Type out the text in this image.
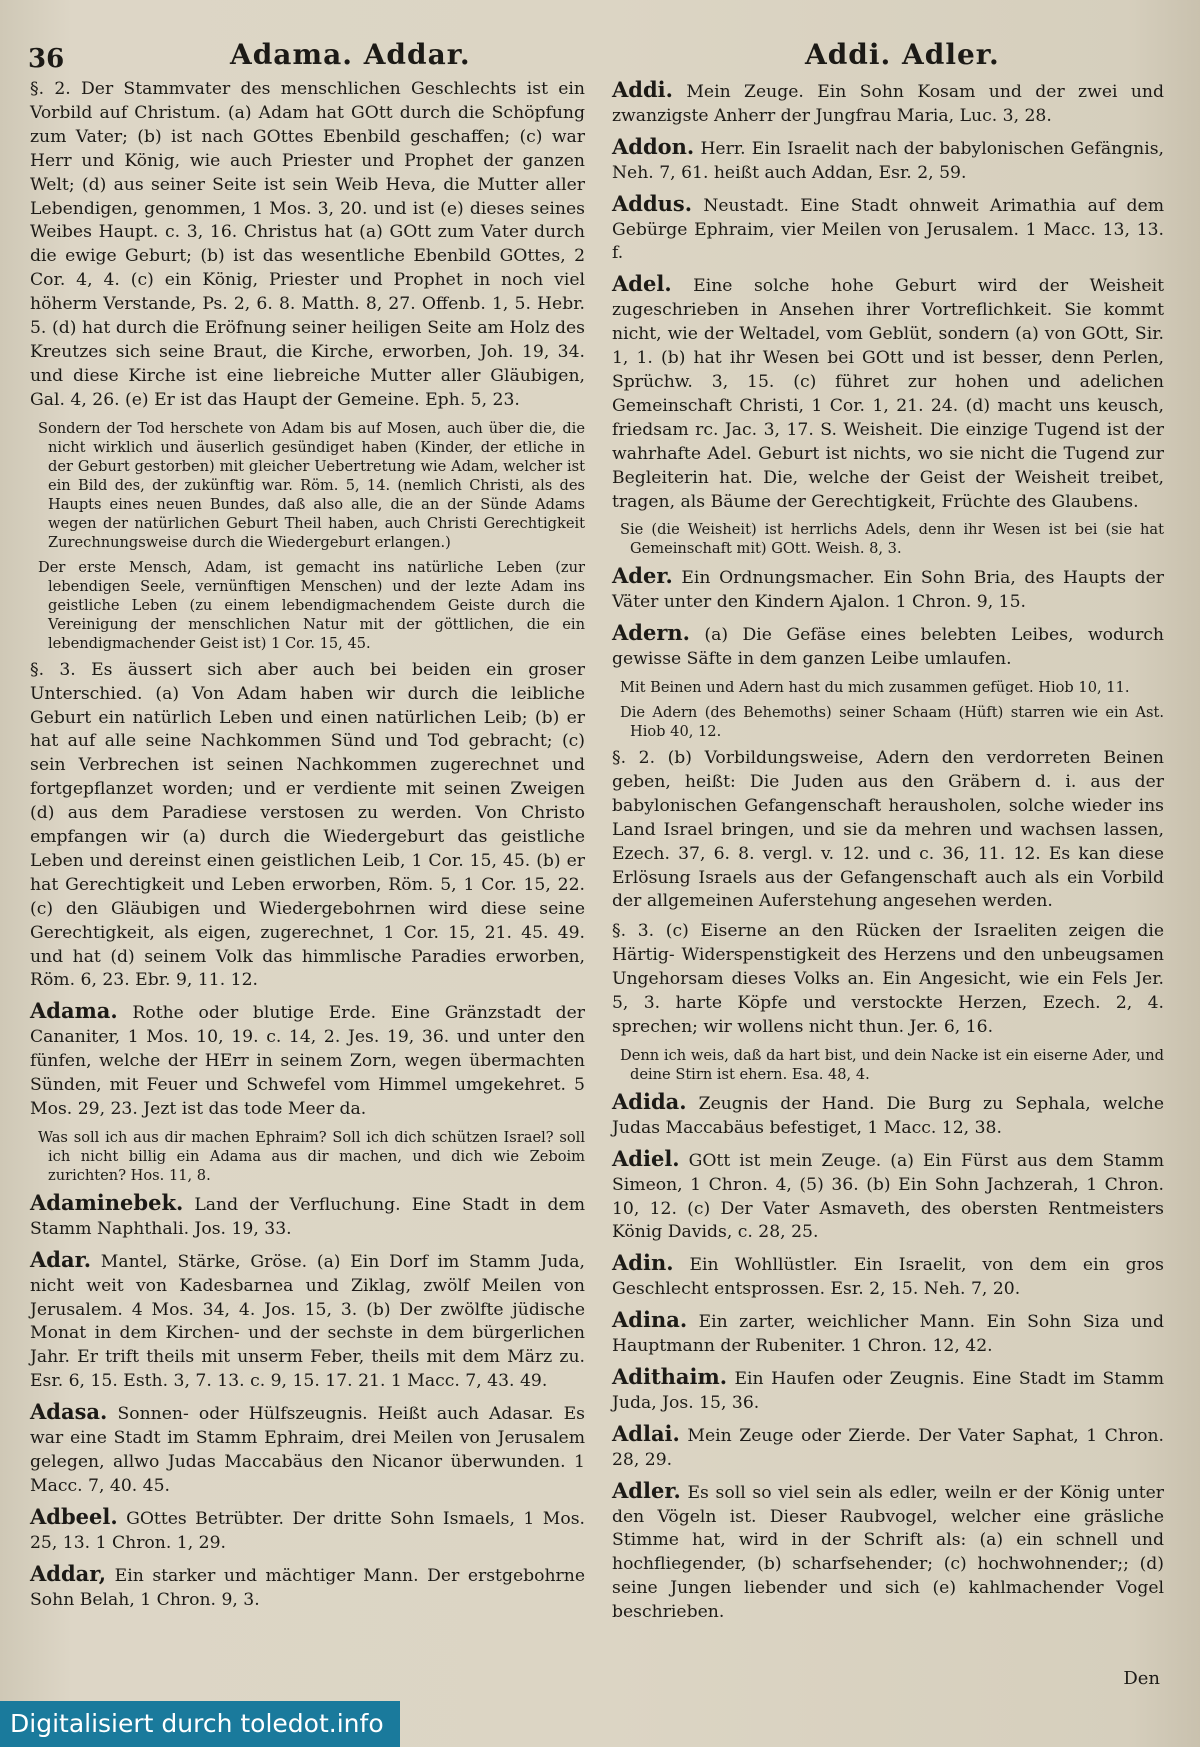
36	Adama. Addar.	Addi. Adler.

§. 2. Der Stammvater des menschlichen Geschlechts ist ein Vorbild auf Christum. (a) Adam hat GOtt durch die Schöpfung zum Vater; (b) ist nach GOttes Ebenbild geschaffen; (c) war Herr und König, wie auch Priester und Prophet der ganzen Welt; (d) aus seiner Seite ist sein Weib Heva, die Mutter aller Lebendigen, genommen, 1 Mos. 3, 20. und ist (e) dieses seines Weibes Haupt. c. 3, 16. Christus hat (a) GOtt zum Vater durch die ewige Geburt; (b) ist das wesentliche Ebenbild GOttes, 2 Cor. 4, 4. (c) ein König, Priester und Prophet in noch viel höherm Verstande, Ps. 2, 6. 8. Matth. 8, 27. Offenb. 1, 5. Hebr. 5. (d) hat durch die Eröfnung seiner heiligen Seite am Holz des Kreutzes sich seine Braut, die Kirche, erworben, Joh. 19, 34. und diese Kirche ist eine liebreiche Mutter aller Gläubigen, Gal. 4, 26. (e) Er ist das Haupt der Gemeine. Eph. 5, 23.

Sondern der Tod herschete von Adam bis auf Mosen, auch über die, die nicht wirklich und äuserlich gesündiget haben (Kinder, der etliche in der Geburt gestorben) mit gleicher Uebertretung wie Adam, welcher ist ein Bild des, der zukünftig war. Röm. 5, 14. (nemlich Christi, als des Haupts eines neuen Bundes, daß also alle, die an der Sünde Adams wegen der natürlichen Geburt Theil haben, auch Christi Gerechtigkeit Zurechnungsweise durch die Wiedergeburt erlangen.)

Der erste Mensch, Adam, ist gemacht ins natürliche Leben (zur lebendigen Seele, vernünftigen Menschen) und der lezte Adam ins geistliche Leben (zu einem lebendigmachendem Geiste durch die Vereinigung der menschlichen Natur mit der göttlichen, die ein lebendigmachender Geist ist) 1 Cor. 15, 45.

§. 3. Es äussert sich aber auch bei beiden ein groser Unterschied. (a) Von Adam haben wir durch die leibliche Geburt ein natürlich Leben und einen natürlichen Leib; (b) er hat auf alle seine Nachkommen Sünd und Tod gebracht; (c) sein Verbrechen ist seinen Nachkommen zugerechnet und fortgepflanzet worden; und er verdiente mit seinen Zweigen (d) aus dem Paradiese verstosen zu werden. Von Christo empfangen wir (a) durch die Wiedergeburt das geistliche Leben und dereinst einen geistlichen Leib, 1 Cor. 15, 45. (b) er hat Gerechtigkeit und Leben erworben, Röm. 5, 1 Cor. 15, 22. (c) den Gläubigen und Wiedergebohrnen wird diese seine Gerechtigkeit, als eigen, zugerechnet, 1 Cor. 15, 21. 45. 49. und hat (d) seinem Volk das himmlische Paradies erworben, Röm. 6, 23. Ebr. 9, 11. 12.

Adama. Rothe oder blutige Erde. Eine Gränzstadt der Cananiter, 1 Mos. 10, 19. c. 14, 2. Jes. 19, 36. und unter den fünfen, welche der HErr in seinem Zorn, wegen übermachten Sünden, mit Feuer und Schwefel vom Himmel umgekehret. 5 Mos. 29, 23. Jezt ist das tode Meer da.

Was soll ich aus dir machen Ephraim? Soll ich dich schützen Israel? soll ich nicht billig ein Adama aus dir machen, und dich wie Zeboim zurichten? Hos. 11, 8.

Adaminebek. Land der Verfluchung. Eine Stadt in dem Stamm Naphthali. Jos. 19, 33.

Adar. Mantel, Stärke, Gröse. (a) Ein Dorf im Stamm Juda, nicht weit von Kadesbarnea und Ziklag, zwölf Meilen von Jerusalem. 4 Mos. 34, 4. Jos. 15, 3. (b) Der zwölfte jüdische Monat in dem Kirchen- und der sechste in dem bürgerlichen Jahr. Er trift theils mit unserm Feber, theils mit dem März zu. Esr. 6, 15. Esth. 3, 7. 13. c. 9, 15. 17. 21. 1 Macc. 7, 43. 49.

Adasa. Sonnen- oder Hülfszeugnis. Heißt auch Adasar. Es war eine Stadt im Stamm Ephraim, drei Meilen von Jerusalem gelegen, allwo Judas Maccabäus den Nicanor überwunden. 1 Macc. 7, 40. 45.

Adbeel. GOttes Betrübter. Der dritte Sohn Ismaels, 1 Mos. 25, 13. 1 Chron. 1, 29.

Addar, Ein starker und mächtiger Mann. Der erstgebohrne Sohn Belah, 1 Chron. 9, 3.

Addi. Mein Zeuge. Ein Sohn Kosam und der zwei und zwanzigste Anherr der Jungfrau Maria, Luc. 3, 28.

Addon. Herr. Ein Israelit nach der babylonischen Gefängnis, Neh. 7, 61. heißt auch Addan, Esr. 2, 59.

Addus. Neustadt. Eine Stadt ohnweit Arimathia auf dem Gebürge Ephraim, vier Meilen von Jerusalem. 1 Macc. 13, 13. f.

Adel. Eine solche hohe Geburt wird der Weisheit zugeschrieben in Ansehen ihrer Vortreflichkeit. Sie kommt nicht, wie der Weltadel, vom Geblüt, sondern (a) von GOtt, Sir. 1, 1. (b) hat ihr Wesen bei GOtt und ist besser, denn Perlen, Sprüchw. 3, 15. (c) führet zur hohen und adelichen Gemeinschaft Christi, 1 Cor. 1, 21. 24. (d) macht uns keusch, friedsam rc. Jac. 3, 17. S. Weisheit. Die einzige Tugend ist der wahrhafte Adel. Geburt ist nichts, wo sie nicht die Tugend zur Begleiterin hat. Die, welche der Geist der Weisheit treibet, tragen, als Bäume der Gerechtigkeit, Früchte des Glaubens.

Sie (die Weisheit) ist herrlichs Adels, denn ihr Wesen ist bei (sie hat Gemeinschaft mit) GOtt. Weish. 8, 3.

Ader. Ein Ordnungsmacher. Ein Sohn Bria, des Haupts der Väter unter den Kindern Ajalon. 1 Chron. 9, 15.

Adern. (a) Die Gefäse eines belebten Leibes, wodurch gewisse Säfte in dem ganzen Leibe umlaufen.

Mit Beinen und Adern hast du mich zusammen gefüget. Hiob 10, 11.

Die Adern (des Behemoths) seiner Schaam (Hüft) starren wie ein Ast. Hiob 40, 12.

§. 2. (b) Vorbildungsweise, Adern den verdorreten Beinen geben, heißt: Die Juden aus den Gräbern d. i. aus der babylonischen Gefangenschaft herausholen, solche wieder ins Land Israel bringen, und sie da mehren und wachsen lassen, Ezech. 37, 6. 8. vergl. v. 12. und c. 36, 11. 12. Es kan diese Erlösung Israels aus der Gefangenschaft auch als ein Vorbild der allgemeinen Auferstehung angesehen werden.

§. 3. (c) Eiserne an den Rücken der Israeliten zeigen die Härtig- Widerspenstigkeit des Herzens und den unbeugsamen Ungehorsam dieses Volks an. Ein Angesicht, wie ein Fels Jer. 5, 3. harte Köpfe und verstockte Herzen, Ezech. 2, 4. sprechen; wir wollens nicht thun. Jer. 6, 16.

Denn ich weis, daß da hart bist, und dein Nacke ist ein eiserne Ader, und deine Stirn ist ehern. Esa. 48, 4.

Adida. Zeugnis der Hand. Die Burg zu Sephala, welche Judas Maccabäus befestiget, 1 Macc. 12, 38.

Adiel. GOtt ist mein Zeuge. (a) Ein Fürst aus dem Stamm Simeon, 1 Chron. 4, (5) 36. (b) Ein Sohn Jachzerah, 1 Chron. 10, 12. (c) Der Vater Asmaveth, des obersten Rentmeisters König Davids, c. 28, 25.

Adin. Ein Wohllüstler. Ein Israelit, von dem ein gros Geschlecht entsprossen. Esr. 2, 15. Neh. 7, 20.

Adina. Ein zarter, weichlicher Mann. Ein Sohn Siza und Hauptmann der Rubeniter. 1 Chron. 12, 42.

Adithaim. Ein Haufen oder Zeugnis. Eine Stadt im Stamm Juda, Jos. 15, 36.

Adlai. Mein Zeuge oder Zierde. Der Vater Saphat, 1 Chron. 28, 29.

Adler. Es soll so viel sein als edler, weiln er der König unter den Vögeln ist. Dieser Raubvogel, welcher eine gräsliche Stimme hat, wird in der Schrift als: (a) ein schnell und hochfliegender, (b) scharfsehender; (c) hochwohnender;; (d) seine Jungen liebender und sich (e) kahlmachender Vogel beschrieben.

Den
Digitalisiert durch toledot.info
